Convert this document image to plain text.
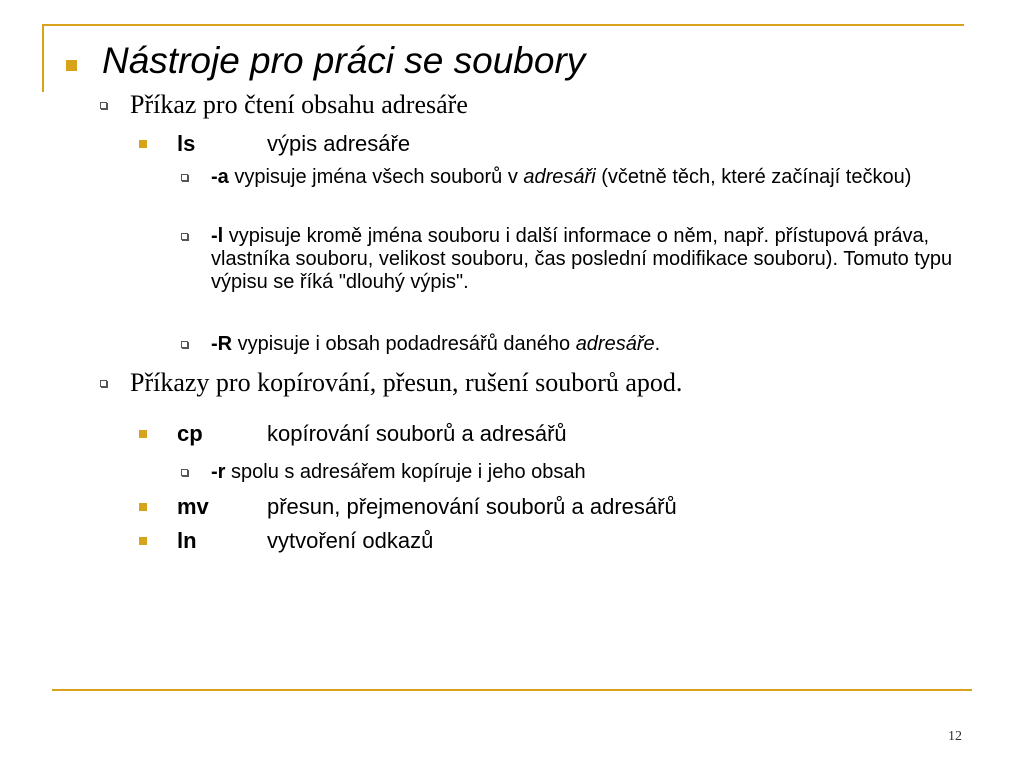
Nástroje pro práci se soubory
Příkaz pro čtení obsahu adresáře
ls	výpis adresáře
-a vypisuje jména všech souborů v adresáři (včetně těch, které začínají tečkou)
-l vypisuje kromě jména souboru i další informace o něm, např. přístupová práva, vlastníka souboru, velikost souboru, čas poslední modifikace souboru). Tomuto typu výpisu se říká "dlouhý výpis".
-R vypisuje i obsah podadresářů daného adresáře.
Příkazy pro kopírování, přesun, rušení souborů apod.
cp	kopírování souborů a adresářů
-r spolu s adresářem kopíruje i jeho obsah
mv	přesun, přejmenování souborů a adresářů
ln	vytvoření odkazů
12
